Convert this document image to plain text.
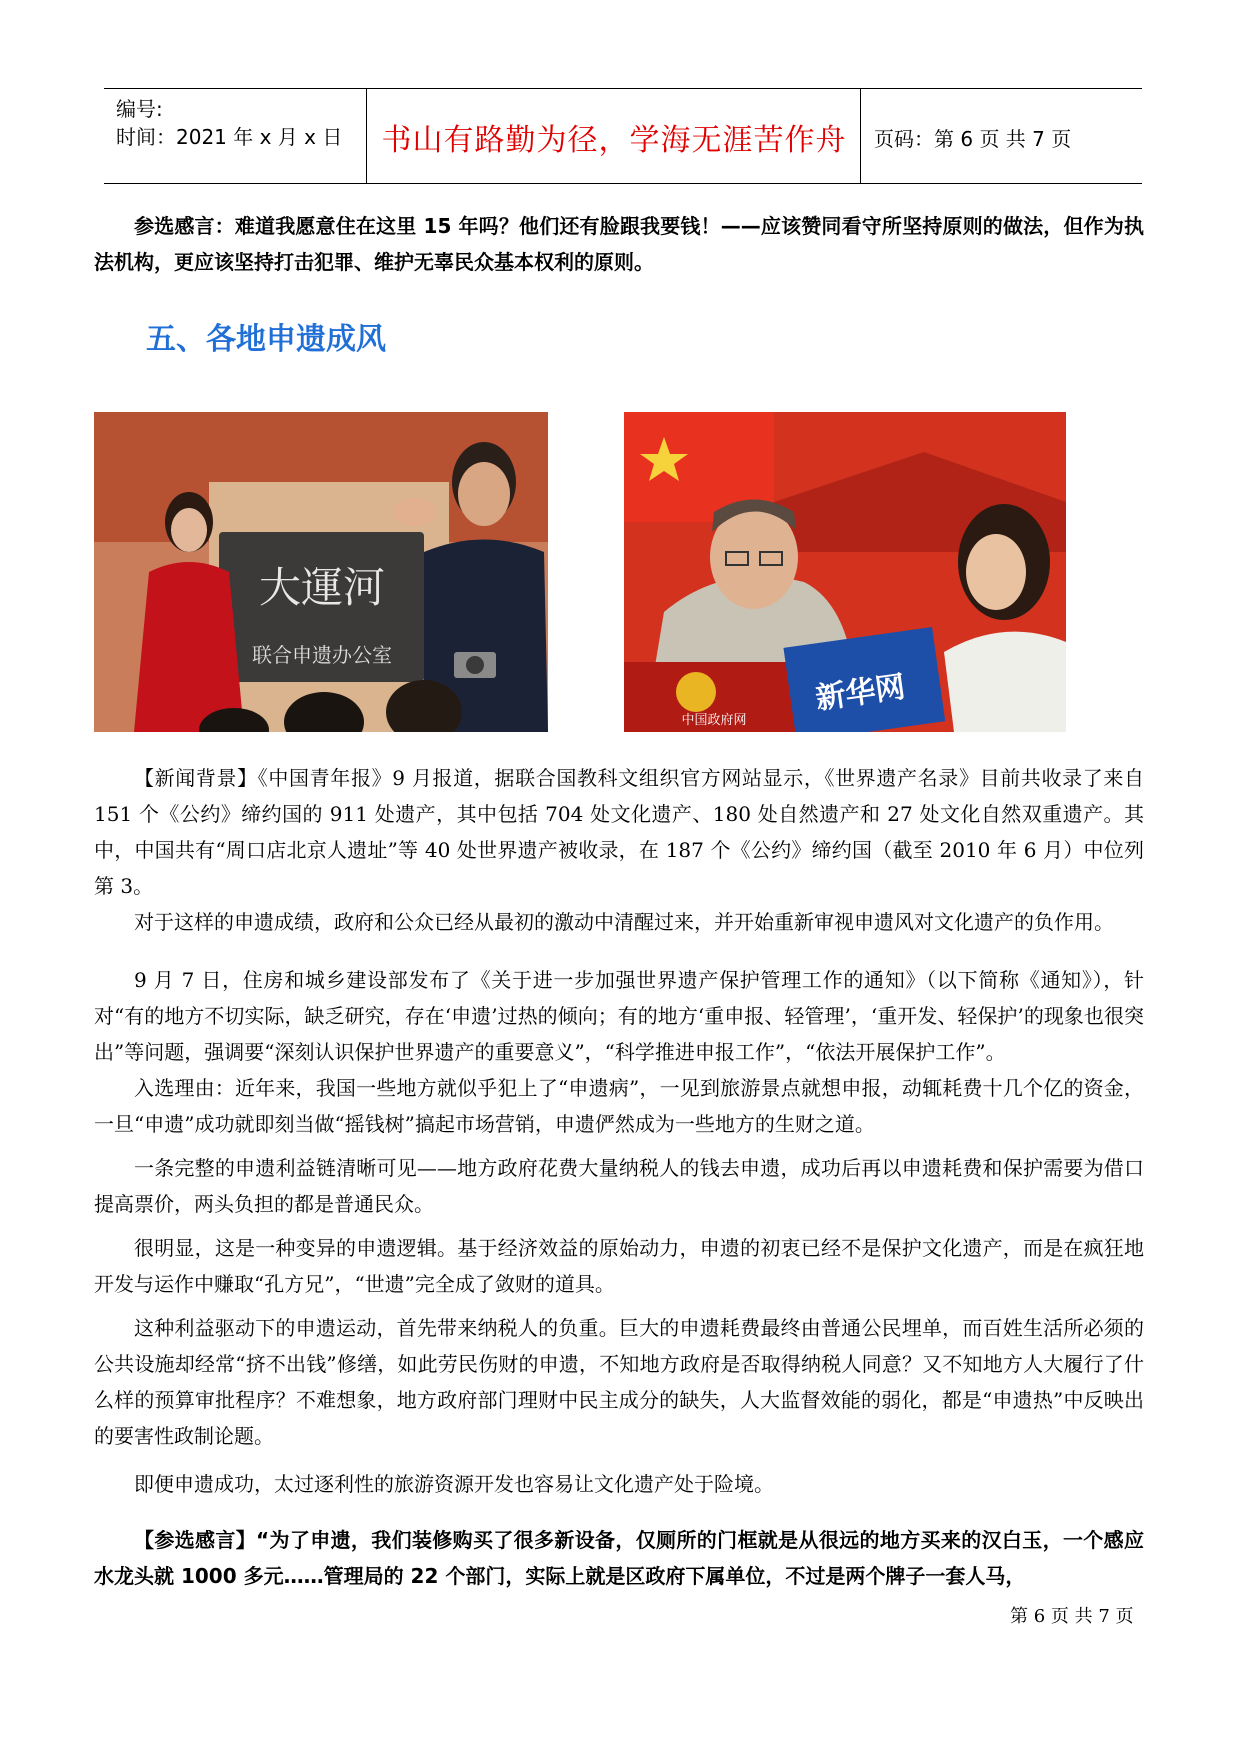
编号:
时间：2021 年 x 月 x 日	书山有路勤为径，学海无涯苦作舟	页码：第 6 页 共 7 页
参选感言：难道我愿意住在这里 15 年吗？他们还有脸跟我要钱！——应该赞同看守所坚持原则的做法，但作为执法机构，更应该坚持打击犯罪、维护无辜民众基本权利的原则。
五、各地申遗成风
大運河
联合申遗办公室
中国政府网
新华网
【新闻背景】《中国青年报》9 月报道，据联合国教科文组织官方网站显示，《世界遗产名录》目前共收录了来自 151 个《公约》缔约国的 911 处遗产，其中包括 704 处文化遗产、180 处自然遗产和 27 处文化自然双重遗产。其中，中国共有“周口店北京人遗址”等 40 处世界遗产被收录，在 187 个《公约》缔约国（截至 2010 年 6 月）中位列第 3。
对于这样的申遗成绩，政府和公众已经从最初的激动中清醒过来，并开始重新审视申遗风对文化遗产的负作用。
9 月 7 日，住房和城乡建设部发布了《关于进一步加强世界遗产保护管理工作的通知》（以下简称《通知》），针对“有的地方不切实际，缺乏研究，存在‘申遗’过热的倾向；有的地方‘重申报、轻管理’，‘重开发、轻保护’的现象也很突出”等问题，强调要“深刻认识保护世界遗产的重要意义”，“科学推进申报工作”，“依法开展保护工作”。
入选理由：近年来，我国一些地方就似乎犯上了“申遗病”，一见到旅游景点就想申报，动辄耗费十几个亿的资金，一旦“申遗”成功就即刻当做“摇钱树”搞起市场营销，申遗俨然成为一些地方的生财之道。
一条完整的申遗利益链清晰可见——地方政府花费大量纳税人的钱去申遗，成功后再以申遗耗费和保护需要为借口提高票价，两头负担的都是普通民众。
很明显，这是一种变异的申遗逻辑。基于经济效益的原始动力，申遗的初衷已经不是保护文化遗产，而是在疯狂地开发与运作中赚取“孔方兄”，“世遗”完全成了敛财的道具。
这种利益驱动下的申遗运动，首先带来纳税人的负重。巨大的申遗耗费最终由普通公民埋单，而百姓生活所必须的公共设施却经常“挤不出钱”修缮，如此劳民伤财的申遗，不知地方政府是否取得纳税人同意？又不知地方人大履行了什么样的预算审批程序？不难想象，地方政府部门理财中民主成分的缺失，人大监督效能的弱化，都是“申遗热”中反映出的要害性政制论题。
即便申遗成功，太过逐利性的旅游资源开发也容易让文化遗产处于险境。
【参选感言】“为了申遗，我们装修购买了很多新设备，仅厕所的门框就是从很远的地方买来的汉白玉，一个感应水龙头就 1000 多元……管理局的 22 个部门，实际上就是区政府下属单位，不过是两个牌子一套人马，
第 6 页 共 7 页
